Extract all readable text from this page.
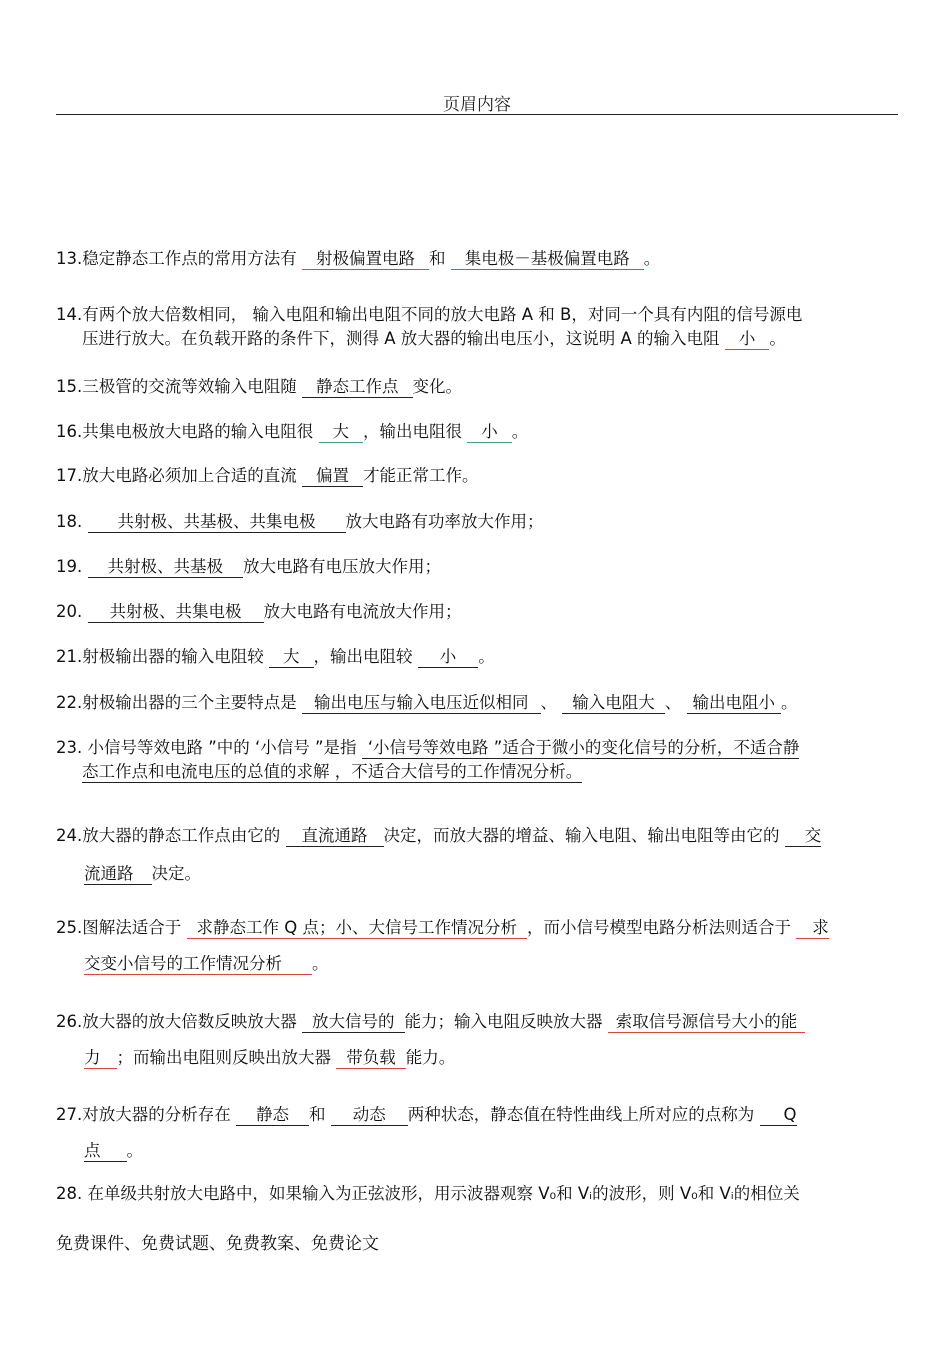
页眉内容
13.稳定静态工作点的常用方法有 射极偏置电路 和 集电极－基极偏置电路 。
14.有两个放大倍数相同， 输入电阻和输出电阻不同的放大电路 A 和 B，对同一个具有内阻的信号源电
压进行放大。在负载开路的条件下，测得 A 放大器的输出电压小，这说明 A 的输入电阻 小 。
15.三极管的交流等效输入电阻随 静态工作点 变化。
16.共集电极放大电路的输入电阻很 大 ，输出电阻很 小 。
17.放大电路必须加上合适的直流 偏置 才能正常工作。
18. 共射极、共基极、共集电极 放大电路有功率放大作用；
19. 共射极、共基极 放大电路有电压放大作用；
20. 共射极、共集电极 放大电路有电流放大作用；
21.射极输出器的输入电阻较 大 ，输出电阻较 小 。
22.射极输出器的三个主要特点是 输出电压与输入电压近似相同 、 输入电阻大 、 输出电阻小 。
23. 小信号等效电路 ”中的 ‘小信号 ”是指 ‘小信号等效电路 ”适合于微小的变化信号的分析，不适合静
态工作点和电流电压的总值的求解 ，不适合大信号的工作情况分析。
24.放大器的静态工作点由它的 直流通路 决定，而放大器的增益、输入电阻、输出电阻等由它的 交
流通路 决定。
25.图解法适合于 求静态工作 Q 点；小、大信号工作情况分析 ，而小信号模型电路分析法则适合于 求
交变小信号的工作情况分析 。
26.放大器的放大倍数反映放大器 放大信号的 能力；输入电阻反映放大器 索取信号源信号大小的能
力 ；而输出电阻则反映出放大器 带负载 能力。
27.对放大器的分析存在 静态 和 动态 两种状态，静态值在特性曲线上所对应的点称为 Q
点 。
28. 在单级共射放大电路中，如果输入为正弦波形，用示波器观察 V₀和 Vᵢ的波形，则 V₀和 Vᵢ的相位关
免费课件、免费试题、免费教案、免费论文
